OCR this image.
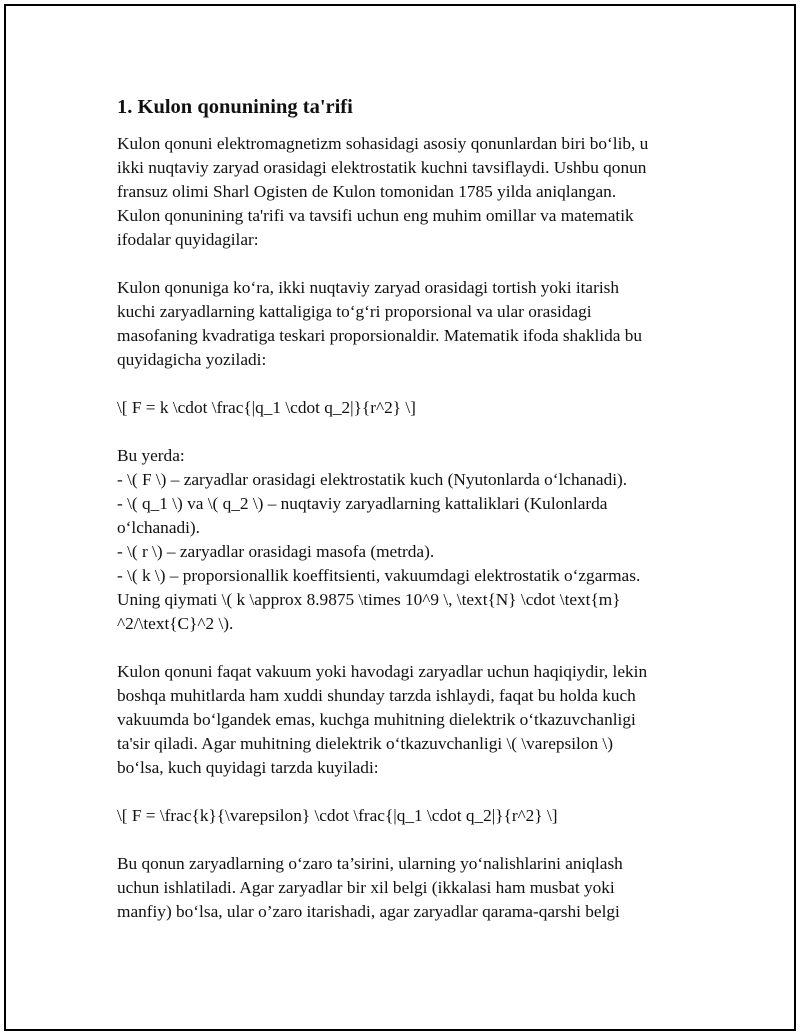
1. Kulon qonunining ta'rifi

Kulon qonuni elektromagnetizm sohasidagi asosiy qonunlardan biri bo‘lib, u
ikki nuqtaviy zaryad orasidagi elektrostatik kuchni tavsiflaydi. Ushbu qonun
fransuz olimi Sharl Ogisten de Kulon tomonidan 1785 yilda aniqlangan.
Kulon qonunining ta'rifi va tavsifi uchun eng muhim omillar va matematik
ifodalar quyidagilar:

Kulon qonuniga ko‘ra, ikki nuqtaviy zaryad orasidagi tortish yoki itarish
kuchi zaryadlarning kattaligiga to‘g‘ri proporsional va ular orasidagi
masofaning kvadratiga teskari proporsionaldir. Matematik ifoda shaklida bu
quyidagicha yoziladi:

\[ F = k \cdot \frac{|q_1 \cdot q_2|}{r^2} \]

Bu yerda:
- \( F \) – zaryadlar orasidagi elektrostatik kuch (Nyutonlarda o‘lchanadi).
- \( q_1 \) va \( q_2 \) – nuqtaviy zaryadlarning kattaliklari (Kulonlarda
o‘lchanadi).
- \( r \) – zaryadlar orasidagi masofa (metrda).
- \( k \) – proporsionallik koeffitsienti, vakuumdagi elektrostatik o‘zgarmas.
Uning qiymati \( k \approx 8.9875 \times 10^9 \, \text{N} \cdot \text{m}
^2/\text{C}^2 \).

Kulon qonuni faqat vakuum yoki havodagi zaryadlar uchun haqiqiydir, lekin
boshqa muhitlarda ham xuddi shunday tarzda ishlaydi, faqat bu holda kuch
vakuumda bo‘lgandek emas, kuchga muhitning dielektrik o‘tkazuvchanligi
ta'sir qiladi. Agar muhitning dielektrik o‘tkazuvchanligi \( \varepsilon \)
bo‘lsa, kuch quyidagi tarzda kuyiladi:

\[ F = \frac{k}{\varepsilon} \cdot \frac{|q_1 \cdot q_2|}{r^2} \]

Bu qonun zaryadlarning o‘zaro ta’sirini, ularning yo‘nalishlarini aniqlash
uchun ishlatiladi. Agar zaryadlar bir xil belgi (ikkalasi ham musbat yoki
manfiy) bo‘lsa, ular o’zaro itarishadi, agar zaryadlar qarama-qarshi belgi
